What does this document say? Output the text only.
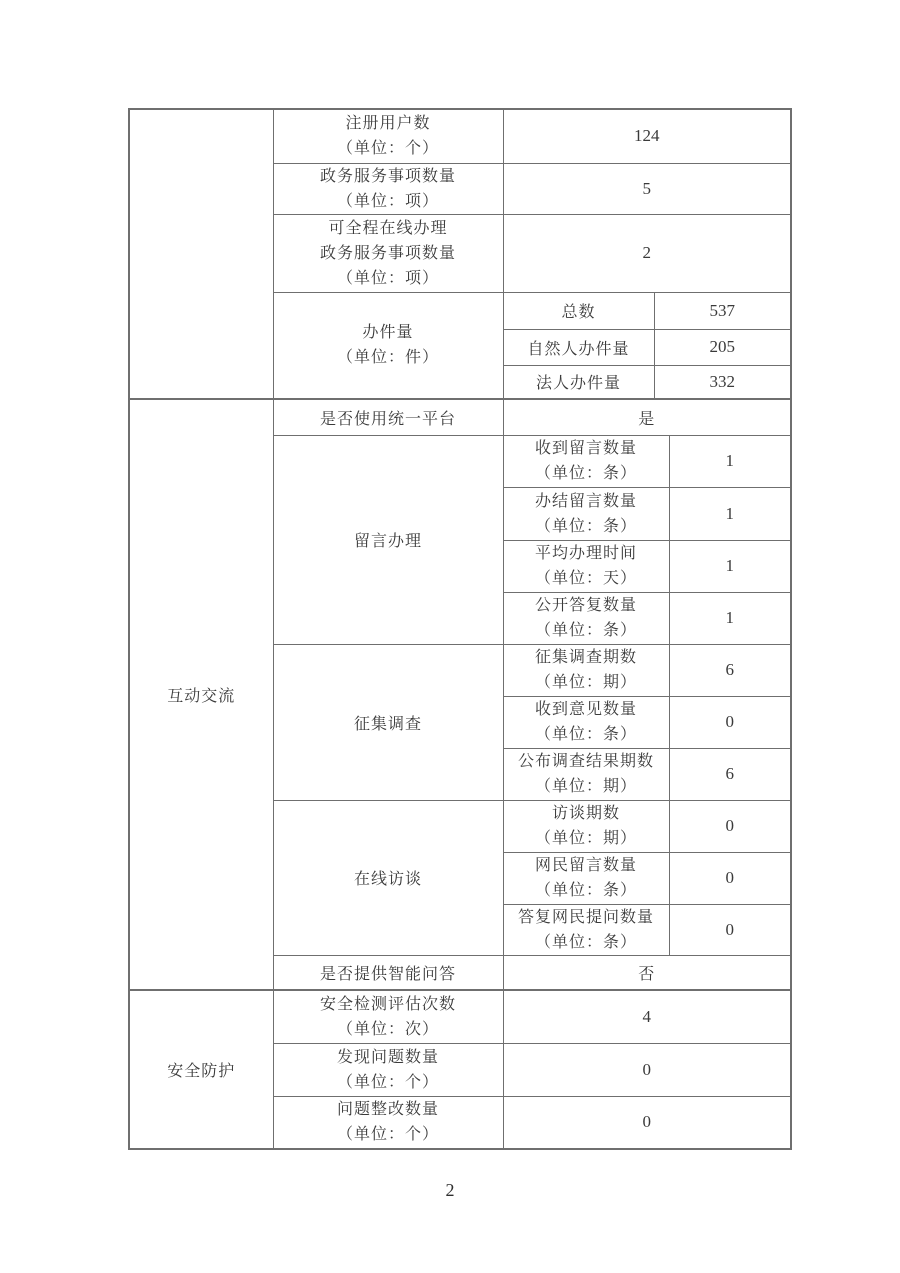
	注册用户数
（单位：个）	124		

	政务服务事项数量
（单位：项）	5		

	可全程在线办理
政务服务事项数量
（单位：项）	2		

	办件量
（单位：件）	总数	537	
		自然人办件量	205	
		法人办件量	332	
互动交流	是否使用统一平台	是		
	留言办理	收到留言数量
（单位：条）		1

		办结留言数量
（单位：条）		1

		平均办理时间
（单位：天）		1

		公开答复数量
（单位：条）		1
	征集调查	征集调查期数
（单位：期）		6

		收到意见数量
（单位：条）		0

		公布调查结果期数
（单位：期）		6
	在线访谈	访谈期数
（单位：期）		0

		网民留言数量
（单位：条）		0

		答复网民提问数量
（单位：条）		0
	是否提供智能问答	否		
安全防护	安全检测评估次数
（单位：次）	4		

	发现问题数量
（单位：个）	0		

	问题整改数量
（单位：个）	0		
2
